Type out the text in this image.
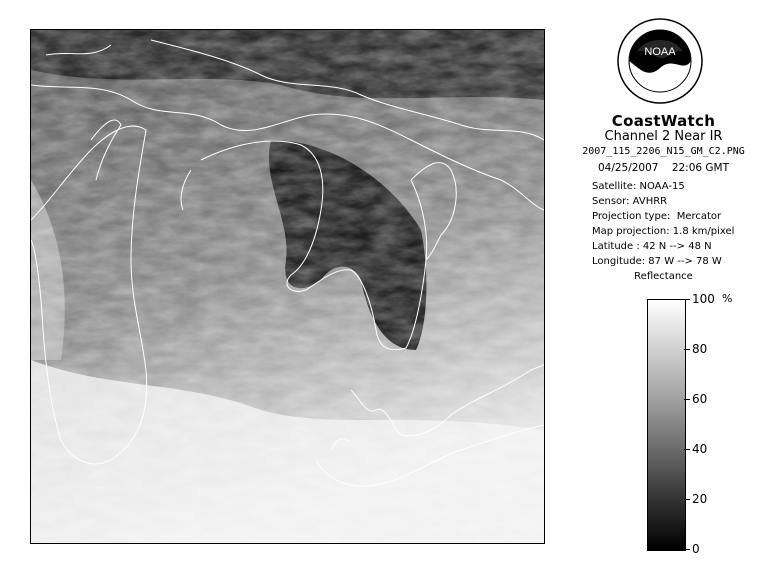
NOAA
CoastWatch
Channel 2 Near IR
2007_115_2206_N15_GM_C2.PNG
04/25/2007    22:06 GMT
Satellite: NOAA-15
Sensor: AVHRR
Projection type:  Mercator
Map projection: 1.8 km/pixel
Latitude : 42 N --> 48 N
Longitude: 87 W --> 78 W
Reflectance
%
100
80
60
40
20
0
